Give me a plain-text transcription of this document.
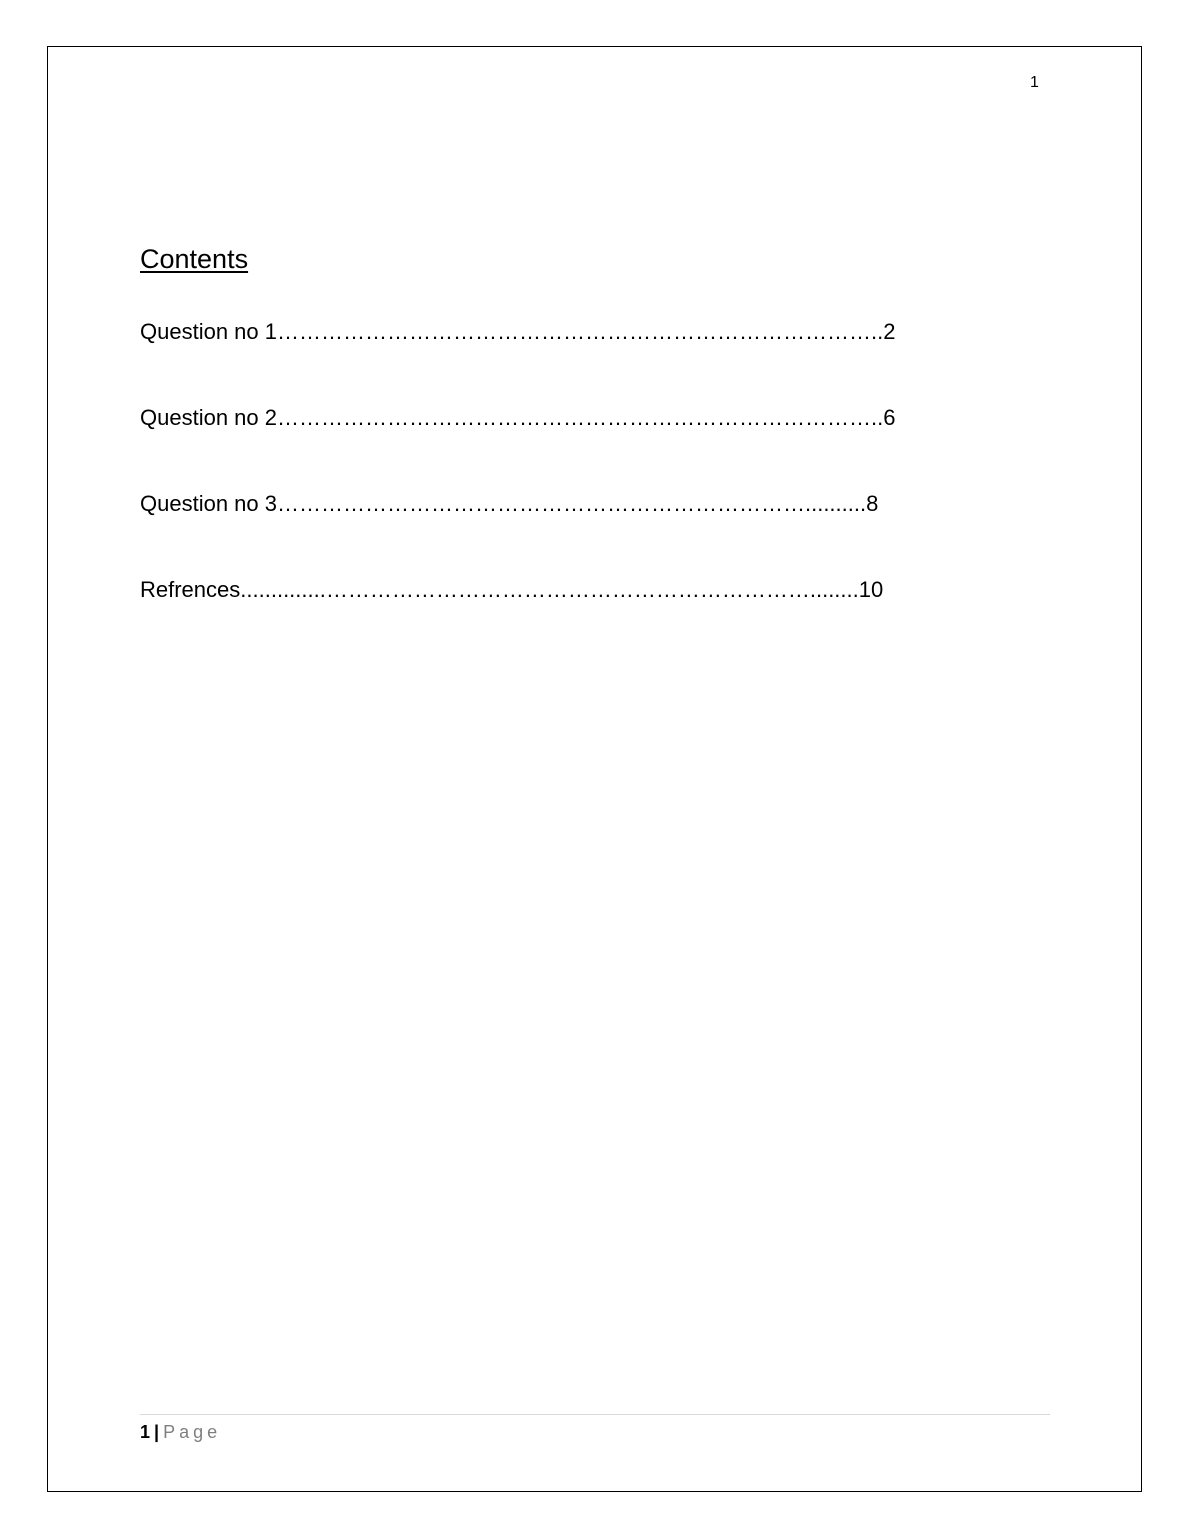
1
Contents
Question no 1………………………………………………………………………..2
Question no 2………………………………………………………………………..6
Question no 3………………………………………………………………..........8
Refrences..............…………………………………………………………........10
1 | Page
